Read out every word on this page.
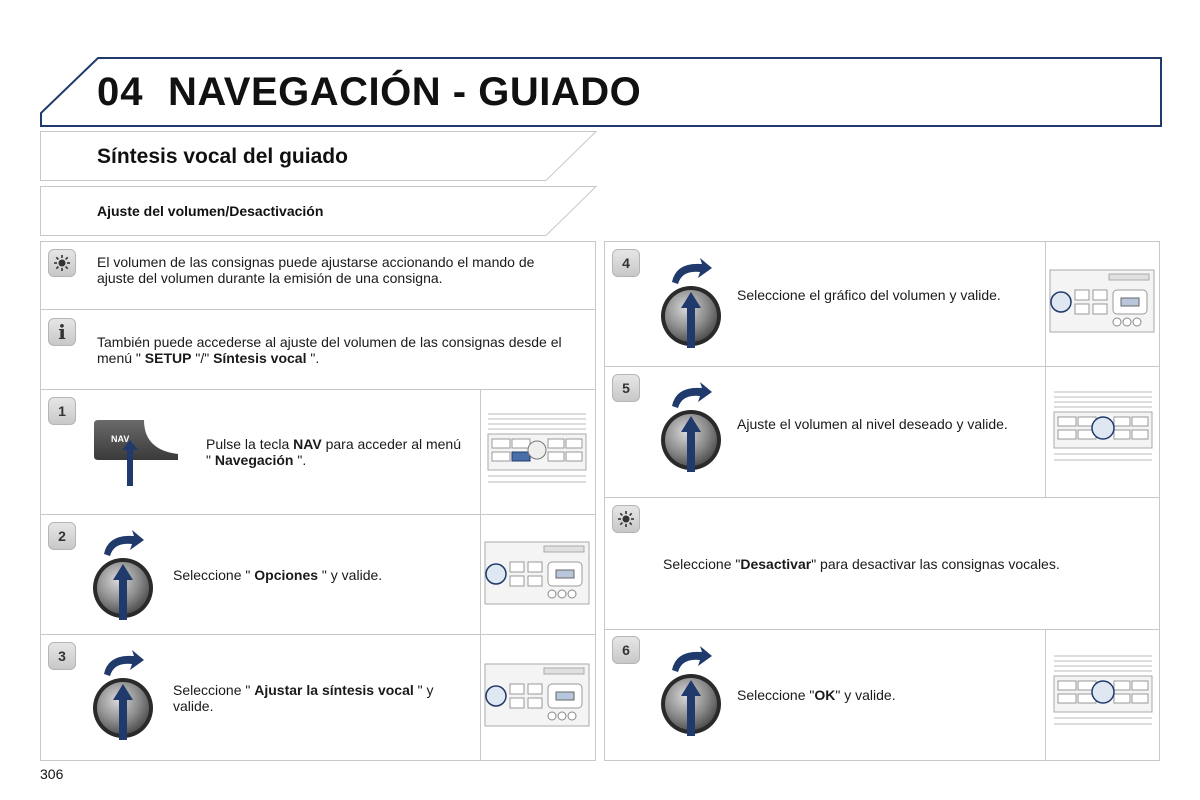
04 NAVEGACIÓN - GUIADO
Síntesis vocal del guiado
Ajuste del volumen/Desactivación
El volumen de las consignas puede ajustarse accionando el mando de ajuste del volumen durante la emisión de una consigna.
i	También puede accederse al ajuste del volumen de las consignas desde el menú " SETUP "/" Síntesis vocal ".
1
NAV	Pulse la tecla NAV para acceder al menú " Navegación ".
2
Seleccione " Opciones " y valide.
3
Seleccione " Ajustar la síntesis vocal " y valide.
4
Seleccione el gráfico del volumen y valide.
5
Ajuste el volumen al nivel deseado y valide.
Seleccione "Desactivar" para desactivar las consignas vocales.
6
Seleccione "OK" y valide.
306
